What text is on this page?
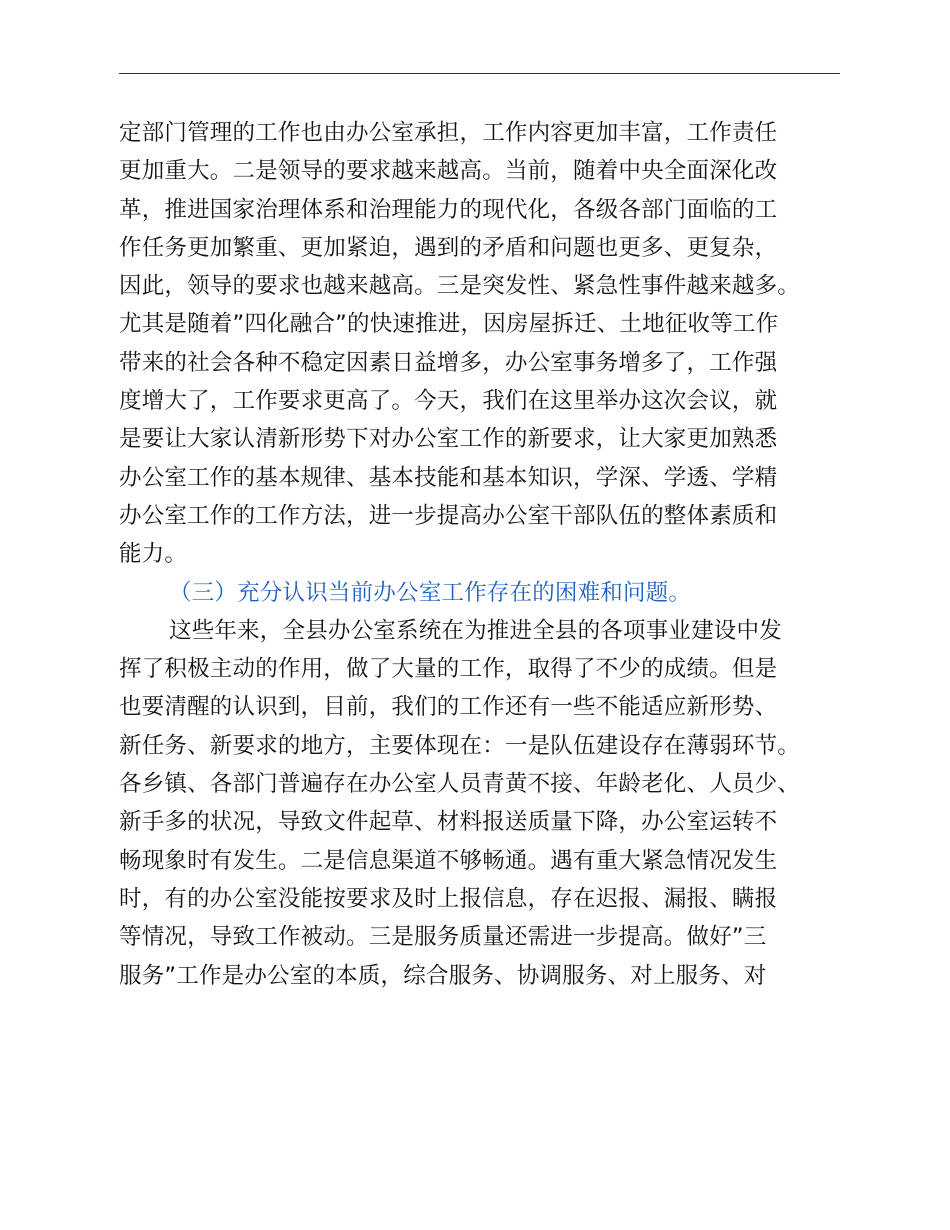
定部门管理的工作也由办公室承担，工作内容更加丰富，工作责任
更加重大。二是领导的要求越来越高。当前，随着中央全面深化改
革，推进国家治理体系和治理能力的现代化，各级各部门面临的工
作任务更加繁重、更加紧迫，遇到的矛盾和问题也更多、更复杂，
因此，领导的要求也越来越高。三是突发性、紧急性事件越来越多。
尤其是随着”四化融合”的快速推进，因房屋拆迁、土地征收等工作
带来的社会各种不稳定因素日益增多，办公室事务增多了，工作强
度增大了，工作要求更高了。今天，我们在这里举办这次会议，就
是要让大家认清新形势下对办公室工作的新要求，让大家更加熟悉
办公室工作的基本规律、基本技能和基本知识，学深、学透、学精
办公室工作的工作方法，进一步提高办公室干部队伍的整体素质和
能力。
（三）充分认识当前办公室工作存在的困难和问题。
这些年来，全县办公室系统在为推进全县的各项事业建设中发
挥了积极主动的作用，做了大量的工作，取得了不少的成绩。但是
也要清醒的认识到，目前，我们的工作还有一些不能适应新形势、
新任务、新要求的地方，主要体现在：一是队伍建设存在薄弱环节。
各乡镇、各部门普遍存在办公室人员青黄不接、年龄老化、人员少、
新手多的状况，导致文件起草、材料报送质量下降，办公室运转不
畅现象时有发生。二是信息渠道不够畅通。遇有重大紧急情况发生
时，有的办公室没能按要求及时上报信息，存在迟报、漏报、瞒报
等情况，导致工作被动。三是服务质量还需进一步提高。做好”三
服务”工作是办公室的本质，综合服务、协调服务、对上服务、对
